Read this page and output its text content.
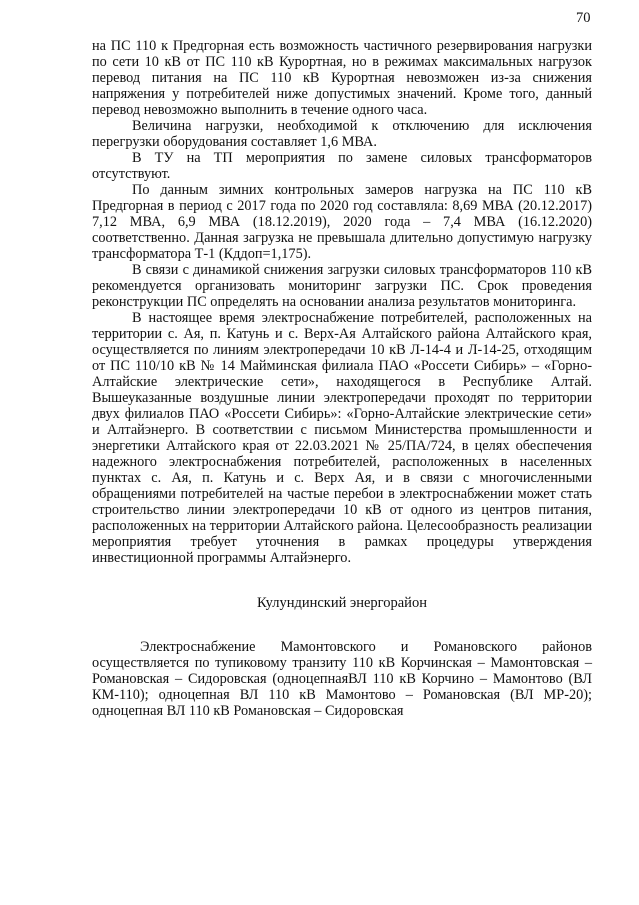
70

на ПС 110 к Предгорная есть возможность частичного резервирования нагрузки по сети 10 кВ от ПС 110 кВ Курортная, но в режимах максимальных нагрузок перевод питания на ПС 110 кВ Курортная невозможен из-за снижения напряжения у потребителей ниже допустимых значений. Кроме того, данный перевод невозможно выполнить в течение одного часа.

Величина нагрузки, необходимой к отключению для исключения перегрузки оборудования составляет 1,6 МВА.

В ТУ на ТП мероприятия по замене силовых трансформаторов отсутствуют.

По данным зимних контрольных замеров нагрузка на ПС 110 кВ Предгорная в период с 2017 года по 2020 год составляла: 8,69 МВА (20.12.2017) 7,12 МВА, 6,9 МВА (18.12.2019), 2020 года – 7,4 МВА (16.12.2020) соответственно. Данная загрузка не превышала длительно допустимую нагрузку трансформатора Т-1 (Кддоп=1,175).

В связи с динамикой снижения загрузки силовых трансформаторов 110 кВ рекомендуется организовать мониторинг загрузки ПС. Срок проведения реконструкции ПС определять на основании анализа результатов мониторинга.

В настоящее время электроснабжение потребителей, расположенных на территории с. Ая, п. Катунь и с. Верх-Ая Алтайского района Алтайского края, осуществляется по линиям электропередачи 10 кВ Л-14-4 и Л-14-25, отходящим от ПС 110/10 кВ № 14 Майминская филиала ПАО «Россети Сибирь» – «Горно-Алтайские электрические сети», находящегося в Республике Алтай. Вышеуказанные воздушные линии электропередачи проходят по территории двух филиалов ПАО «Россети Сибирь»: «Горно-Алтайские электрические сети» и Алтайэнерго. В соответствии с письмом Министерства промышленности и энергетики Алтайского края от 22.03.2021 № 25/ПА/724, в целях обеспечения надежного электроснабжения потребителей, расположенных в населенных пунктах с. Ая, п. Катунь и с. Верх Ая, и в связи с многочисленными обращениями потребителей на частые перебои в электроснабжении может стать строительство линии электропередачи 10 кВ от одного из центров питания, расположенных на территории Алтайского района. Целесообразность реализации мероприятия требует уточнения в рамках процедуры утверждения инвестиционной программы Алтайэнерго.

Кулундинский энергорайон

Электроснабжение Мамонтовского и Романовского районов осуществляется по тупиковому транзиту 110 кВ Корчинская – Мамонтовская – Романовская – Сидоровская (одноцепнаяВЛ 110 кВ Корчино – Мамонтово (ВЛ КМ-110); одноцепная ВЛ 110 кВ Мамонтово – Романовская (ВЛ МР-20); одноцепная ВЛ 110 кВ Романовская – Сидоровская
